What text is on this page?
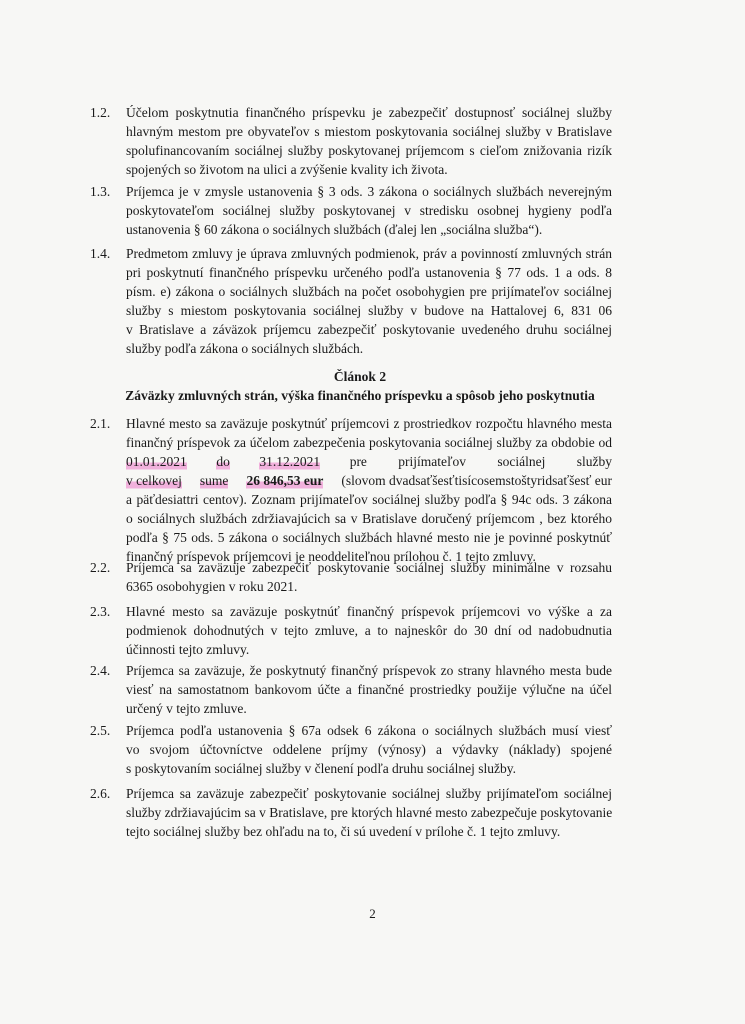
1.2.	Účelom poskytnutia finančného príspevku je zabezpečiť dostupnosť sociálnej služby
hlavným mestom pre obyvateľov s miestom poskytovania sociálnej služby v Bratislave
spolufinancovaním sociálnej služby poskytovanej príjemcom s cieľom znižovania rizík
spojených so životom na ulici a zvýšenie kvality ich života.
1.3.	Príjemca je v zmysle ustanovenia § 3 ods. 3 zákona o sociálnych službách neverejným
poskytovateľom sociálnej služby poskytovanej v stredisku osobnej hygieny podľa
ustanovenia § 60 zákona o sociálnych službách (ďalej len „sociálna služba“).
1.4.	Predmetom zmluvy je úprava zmluvných podmienok, práv a povinností zmluvných strán
pri poskytnutí finančného príspevku určeného podľa ustanovenia § 77 ods. 1 a ods. 8
písm. e) zákona o sociálnych službách na počet osobohygien pre prijímateľov sociálnej
služby s miestom poskytovania sociálnej služby v budove na Hattalovej 6, 831 06
v Bratislave a záväzok príjemcu zabezpečiť poskytovanie uvedeného druhu sociálnej
služby podľa zákona o sociálnych službách.
Článok 2
Záväzky zmluvných strán, výška finančného príspevku a spôsob jeho poskytnutia
2.1.	Hlavné mesto sa zaväzuje poskytnúť príjemcovi z prostriedkov rozpočtu hlavného mesta
finančný príspevok za účelom zabezpečenia poskytovania sociálnej služby za obdobie od
01.01.2021 do 31.12.2021 pre prijímateľov sociálnej služby
v celkovej sume 26 846,53 eur (slovom dvadsaťšesťtisícosemstoštyridsaťšesť eur
a päťdesiattri centov). Zoznam prijímateľov sociálnej služby podľa § 94c ods. 3 zákona
o sociálnych službách zdržiavajúcich sa v Bratislave doručený príjemcom , bez ktorého
podľa § 75 ods. 5 zákona o sociálnych službách hlavné mesto nie je povinné poskytnúť
finančný príspevok príjemcovi je neoddeliteľnou prílohou č. 1 tejto zmluvy.
2.2.	Príjemca sa zaväzuje zabezpečiť poskytovanie sociálnej služby minimálne v rozsahu
6365 osobohygien v roku 2021.
2.3.	Hlavné mesto sa zaväzuje poskytnúť finančný príspevok príjemcovi vo výške a za
podmienok dohodnutých v tejto zmluve, a to najneskôr do 30 dní od nadobudnutia
účinnosti tejto zmluvy.
2.4.	Príjemca sa zaväzuje, že poskytnutý finančný príspevok zo strany hlavného mesta bude
viesť na samostatnom bankovom účte a finančné prostriedky použije výlučne na účel
určený v tejto zmluve.
2.5.	Príjemca podľa ustanovenia § 67a odsek 6 zákona o sociálnych službách musí viesť
vo svojom účtovníctve oddelene príjmy (výnosy) a výdavky (náklady) spojené
s poskytovaním sociálnej služby v členení podľa druhu sociálnej služby.
2.6.	Príjemca sa zaväzuje zabezpečiť poskytovanie sociálnej služby prijímateľom sociálnej
služby zdržiavajúcim sa v Bratislave, pre ktorých hlavné mesto zabezpečuje poskytovanie
tejto sociálnej služby bez ohľadu na to, či sú uvedení v prílohe č. 1 tejto zmluvy.
2
